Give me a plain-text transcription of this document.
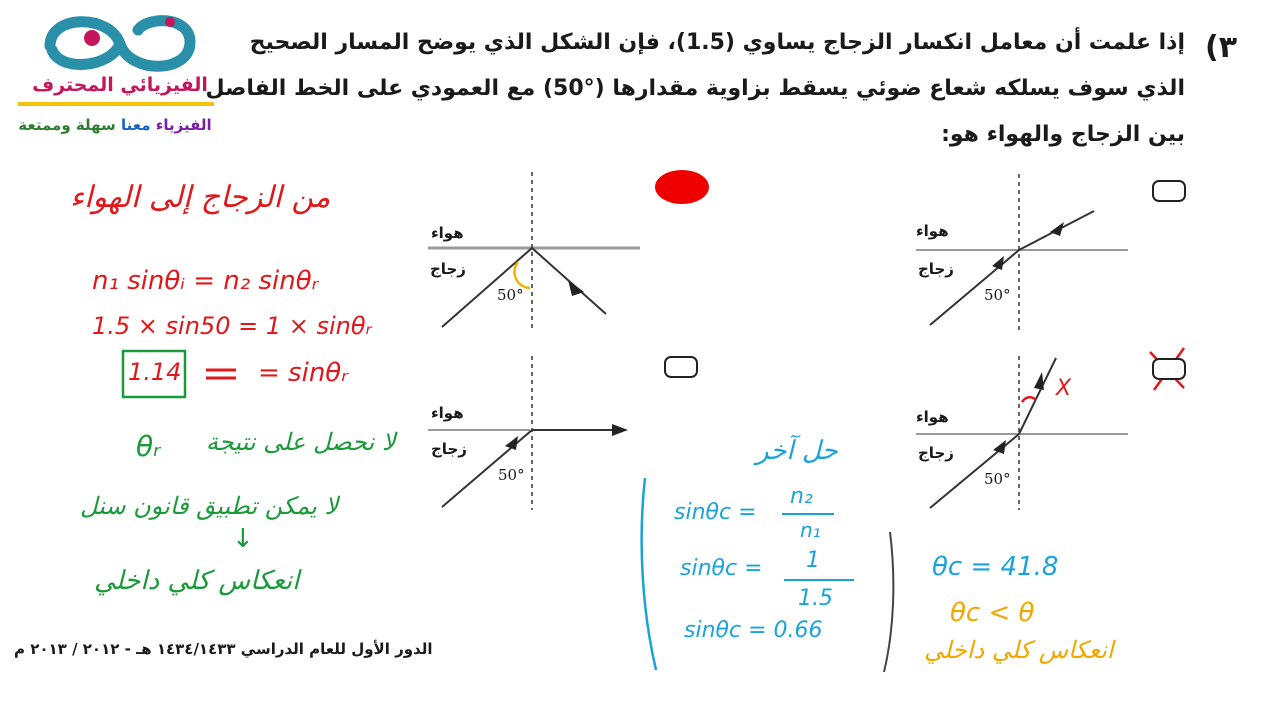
الفيزيائي المحترف
الفيزياء معنا سهلة وممتعة
٣)
إذا علمت أن معامل انكسار الزجاج يساوي (1.5)، فإن الشكل الذي يوضح المسار الصحيح
الذي سوف يسلكه شعاع ضوئي يسقط بزاوية مقدارها (°50) مع العمودي على الخط الفاصل
بين الزجاج والهواء هو:
هواء
زجاج
50°
هواء
زجاج
50°
هواء
زجاج
50°
هواء
زجاج
50°
من الزجاج إلى الهواء
n₁ sinθᵢ = n₂ sinθᵣ
1.5 × sin50 = 1 × sinθᵣ
1.14	= sinθᵣ
X
θᵣ لا نحصل على نتيجة
لا يمكن تطبيق قانون سنل
↓
انعكاس كلي داخلي
حل آخر
sinθc =
n₂
n₁
sinθc = 1
1.5
sinθc = 0.66
θc = 41.8
θc < θ
انعكاس كلي داخلي
الدور الأول للعام الدراسي ١٤٣٤/١٤٣٣ هـ - ٢٠١٢ / ٢٠١٣ م
